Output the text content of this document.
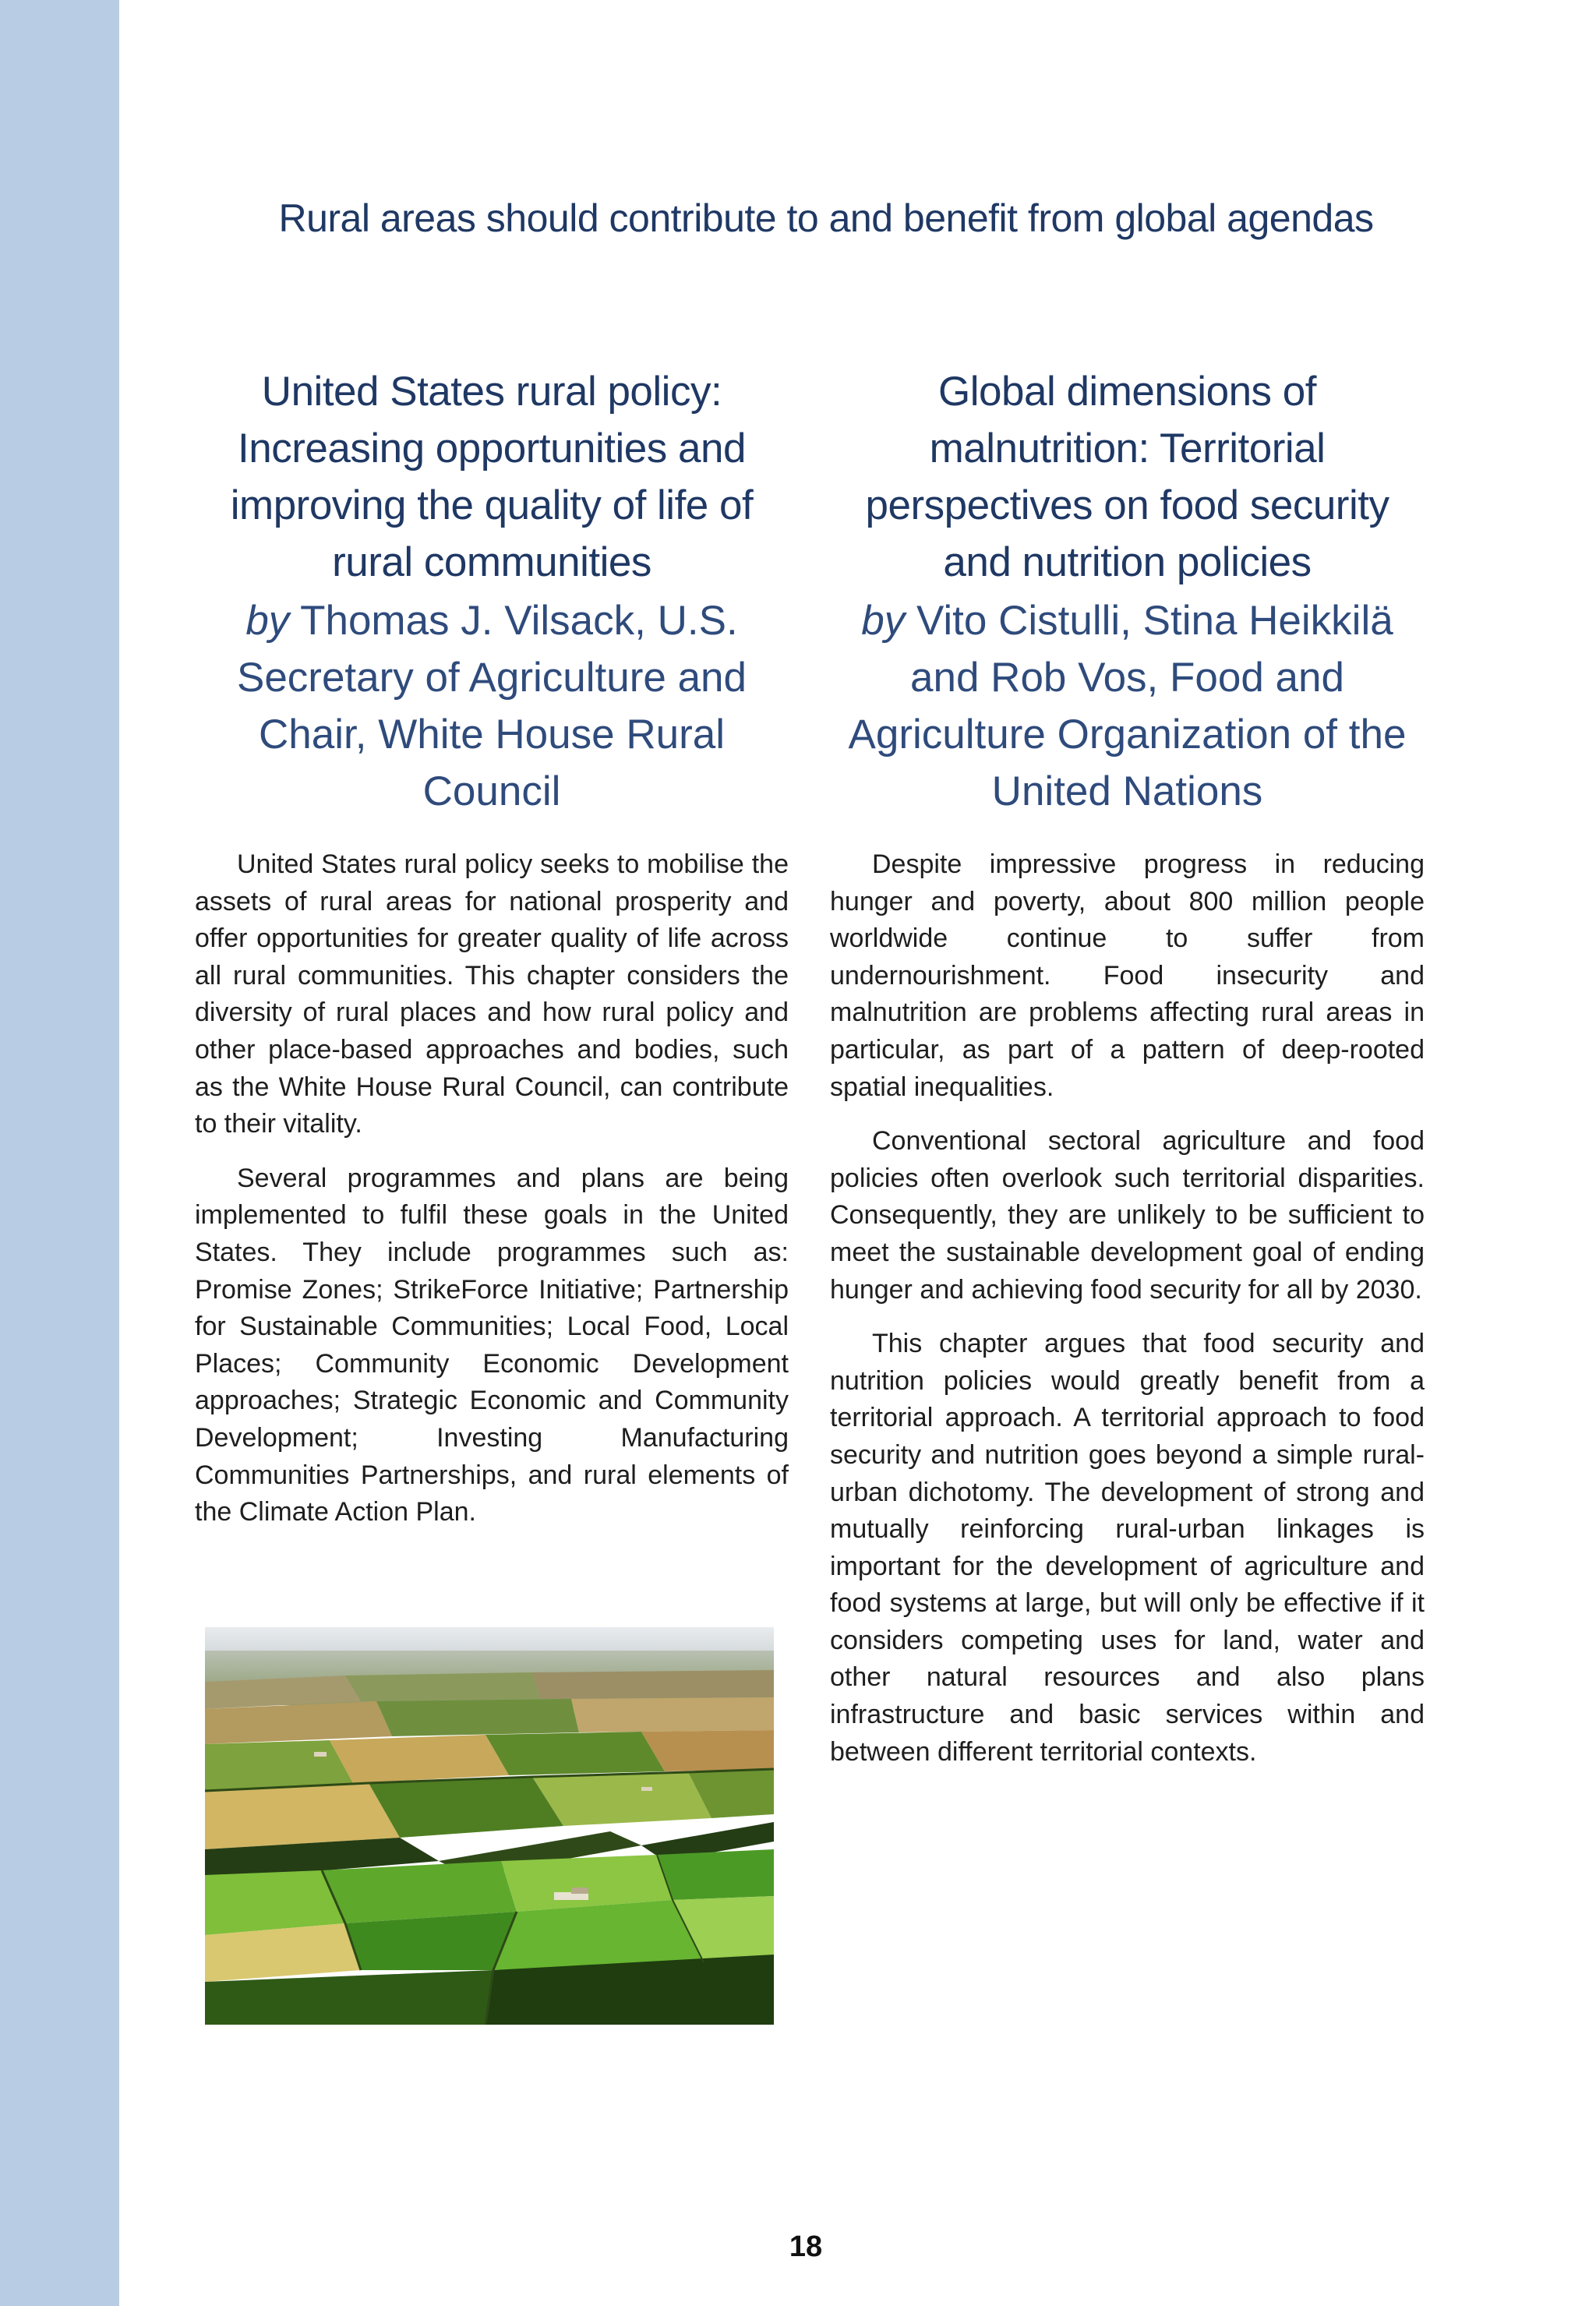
Rural areas should contribute to and benefit from global agendas
United States rural policy: Increasing opportunities and improving the quality of life of rural communities
by Thomas J. Vilsack, U.S. Secretary of Agriculture and Chair, White House Rural Council

United States rural policy seeks to mobilise the assets of rural areas for national prosperity and offer opportunities for greater quality of life across all rural communities. This chapter considers the diversity of rural places and how rural policy and other place-based approaches and bodies, such as the White House Rural Council, can contribute to their vitality.

Several programmes and plans are being implemented to fulfil these goals in the United States. They include programmes such as: Promise Zones; StrikeForce Initiative; Partnership for Sustainable Communities; Local Food, Local Places; Community Economic Development approaches; Strategic Economic and Community Development; Investing Manufacturing Communities Partnerships, and rural elements of the Climate Action Plan.

Global dimensions of malnutrition: Territorial perspectives on food security and nutrition policies
by Vito Cistulli, Stina Heikkilä and Rob Vos, Food and Agriculture Organization of the United Nations

Despite impressive progress in reducing hunger and poverty, about 800 million people worldwide continue to suffer from undernourishment. Food insecurity and malnutrition are problems affecting rural areas in particular, as part of a pattern of deep-rooted spatial inequalities.

Conventional sectoral agriculture and food policies often overlook such territorial disparities. Consequently, they are unlikely to be sufficient to meet the sustainable development goal of ending hunger and achieving food security for all by 2030.

This chapter argues that food security and nutrition policies would greatly benefit from a territorial approach. A territorial approach to food security and nutrition goes beyond a simple rural-urban dichotomy. The development of strong and mutually reinforcing rural-urban linkages is important for the development of agriculture and food systems at large, but will only be effective if it considers competing uses for land, water and other natural resources and also plans infrastructure and basic services within and between different territorial contexts.

18
